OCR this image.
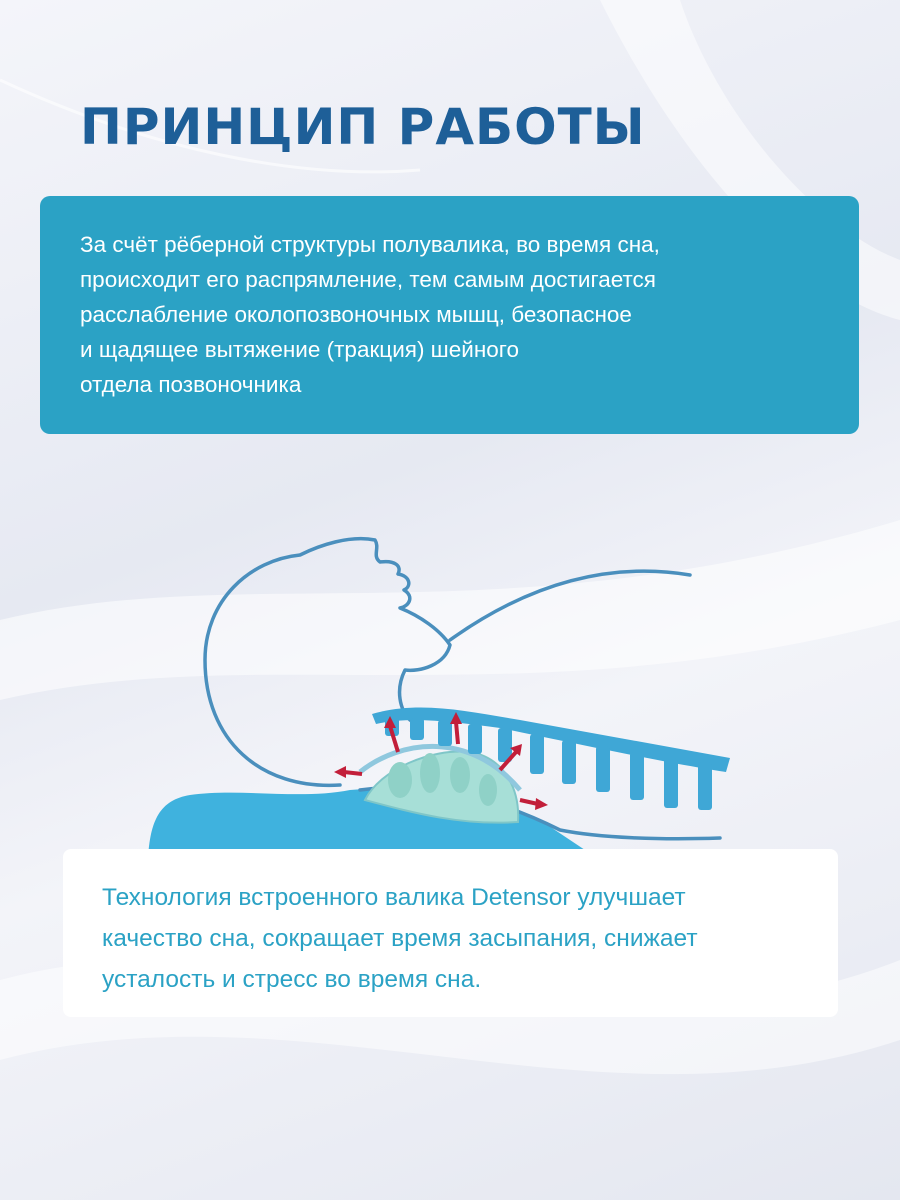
ПРИНЦИП РАБОТЫ
За счёт рёберной структуры полувалика, во время сна,
происходит его распрямление, тем самым достигается
расслабление околопозвоночных мышц, безопасное
и щадящее вытяжение (тракция) шейного
отдела позвоночника
Технология встроенного валика Detensor улучшает
качество сна, сокращает время засыпания, снижает
усталость и стресс во время сна.
